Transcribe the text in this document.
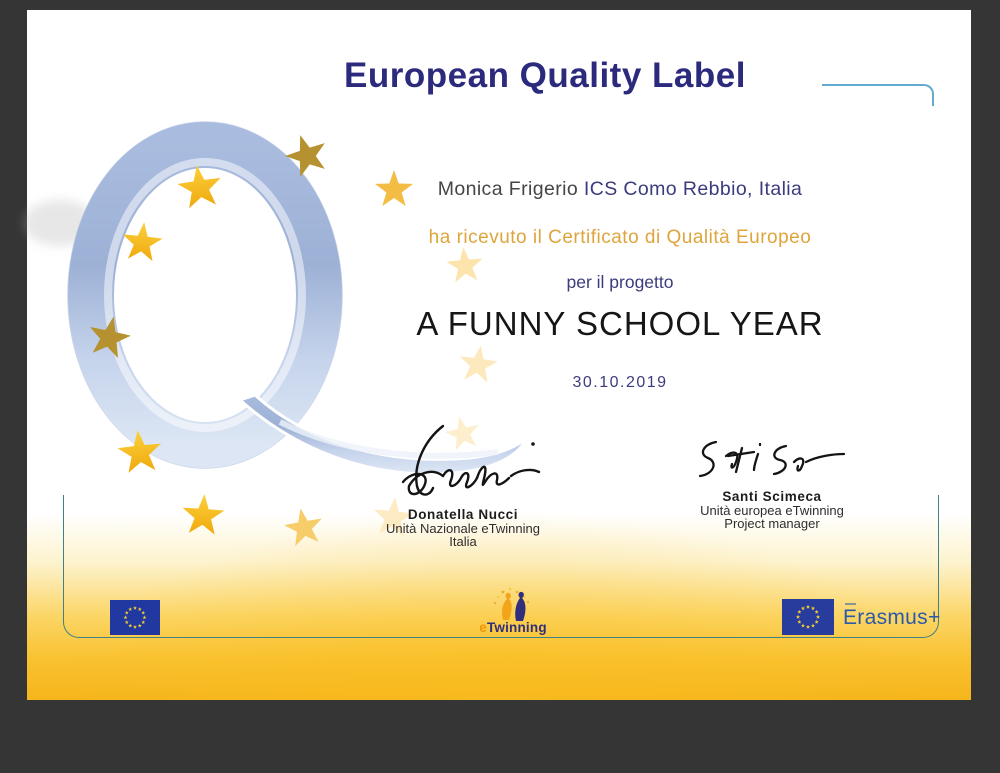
European Quality Label

Monica Frigerio ICS Como Rebbio, Italia

ha ricevuto il Certificato di Qualità Europeo

per il progetto

A FUNNY SCHOOL YEAR

30.10.2019

Donatella Nucci
Unità Nazionale eTwinning
Italia
Santi Scimeca
Unità europea eTwinning
Project manager
eTwinning	Erasmus+
